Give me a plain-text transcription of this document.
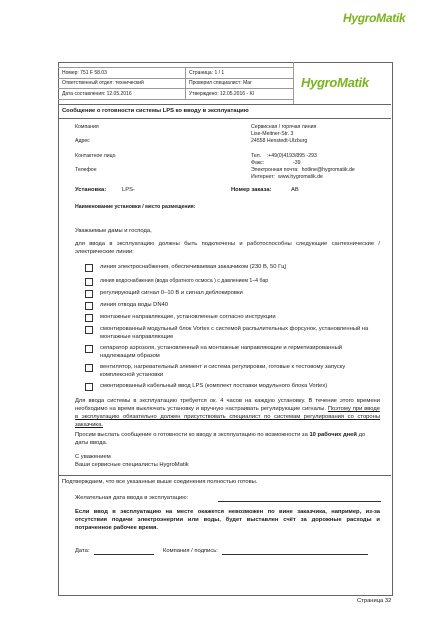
HygroMatik
Номер: 751 F 58.03	Страница: 1 / 1
Ответственный отдел: технический	Проверил специалист: Mar
Дата составления: 12.05.2016	Утверждено: 12.05.2016 - Kl
HygroMatik
Сообщение о готовности системы LPS ко вводу в эксплуатацию
Компания	Сервисная / горячая линия
Lise-Meitner-Str. 3
Адрес	24558 Henstedt-Ulzburg
Контактное лицо	Тел.    :+49(0)4193/895 -293
Факс:                    -39
Телефон	Электронная почта:  hotline@hygromatik.de
Интернет:  www.hygromatik.de
Установка:	LPS-	Номер заказа:	AB
Наименование установки / место размещения:
Уважаемые дамы и господа,
для ввода в эксплуатацию должны быть подключены и работоспособны следующие сантехнические / электрические линии:
линия электроснабжения, обеспечиваемая заказчиком (230 В, 50 Гц)
линия водоснабжения (вода обратного осмоса ) с давлением 1–4 бар
регулирующий сигнал 0–10 В и сигнал деблокировки
линия отвода воды DN40
монтажные направляющие, установленные согласно инструкции
смонтированный модульный блок Vortex с системой распылительных форсунок, установленный на монтажные направляющие
сепаратор аэрозоля, установленный на монтажные направляющие и герметизированный надлежащим образом
вентилятор, нагревательный элемент и система регулировки, готовые к тестовому запуску комплексной установки
смонтированный кабельный ввод LPS (комплект поставки модульного блока Vortex)
Для ввода системы в эксплуатацию требуется ок. 4 часов на каждую установку. В течение этого времени необходимо на время выключать установку и вручную настраивать регулирующие сигналы. Поэтому при вводе в эксплуатацию обязательно должен присутствовать специалист по системам регулирования со стороны заказчика.
Просим выслать сообщение о готовности ко вводу в эксплуатацию по возможности за 10 рабочих дней до даты ввода.
С уважением
Ваши сервисные специалисты HygroMatik
Подтверждаем, что все указанные выше соединения полностью готовы.
Желательная дата ввода в эксплуатацию:
Если ввод в эксплуатацию на месте окажется невозможен по вине заказчика, например, из-за отсутствия подачи электроэнергии или воды, будет выставлен счёт за дорожные расходы и потраченное рабочее время.
Дата:	Компания / подпись:
Страница 32
